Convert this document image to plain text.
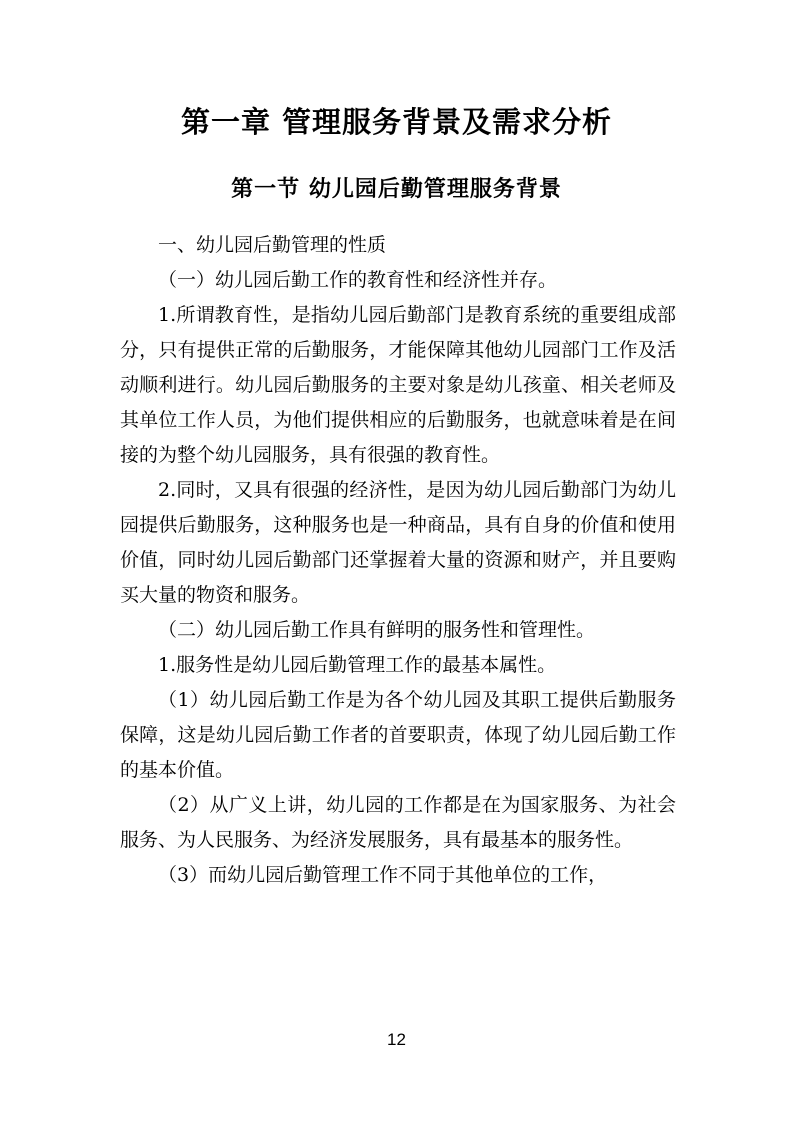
第一章 管理服务背景及需求分析
第一节 幼儿园后勤管理服务背景

一、幼儿园后勤管理的性质

（一）幼儿园后勤工作的教育性和经济性并存。

1.所谓教育性，是指幼儿园后勤部门是教育系统的重要组成部分，只有提供正常的后勤服务，才能保障其他幼儿园部门工作及活动顺利进行。幼儿园后勤服务的主要对象是幼儿孩童、相关老师及其单位工作人员，为他们提供相应的后勤服务，也就意味着是在间接的为整个幼儿园服务，具有很强的教育性。

2.同时，又具有很强的经济性，是因为幼儿园后勤部门为幼儿园提供后勤服务，这种服务也是一种商品，具有自身的价值和使用价值，同时幼儿园后勤部门还掌握着大量的资源和财产，并且要购买大量的物资和服务。

（二）幼儿园后勤工作具有鲜明的服务性和管理性。

1.服务性是幼儿园后勤管理工作的最基本属性。

（1）幼儿园后勤工作是为各个幼儿园及其职工提供后勤服务保障，这是幼儿园后勤工作者的首要职责，体现了幼儿园后勤工作的基本价值。

（2）从广义上讲，幼儿园的工作都是在为国家服务、为社会服务、为人民服务、为经济发展服务，具有最基本的服务性。

（3）而幼儿园后勤管理工作不同于其他单位的工作，

12
